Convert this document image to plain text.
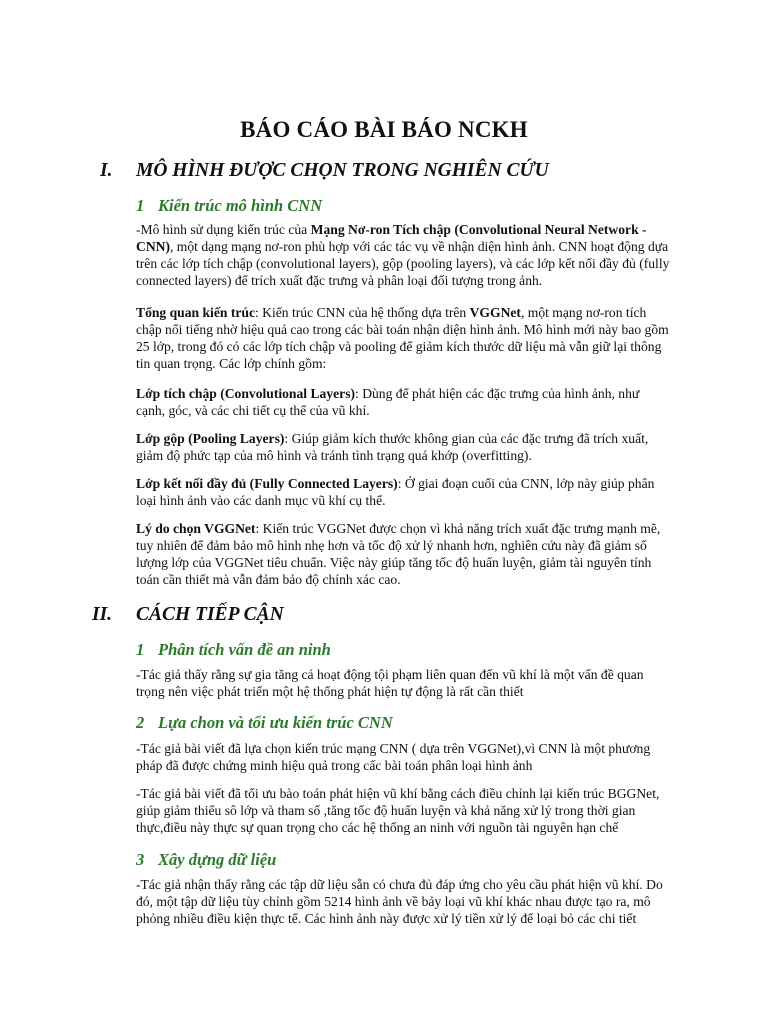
BÁO CÁO BÀI BÁO NCKH
I. MÔ HÌNH ĐƯỢC CHỌN TRONG NGHIÊN CỨU
1 Kiến trúc mô hình CNN

-Mô hình sử dụng kiến trúc của Mạng Nơ-ron Tích chập (Convolutional Neural Network - CNN), một dạng mạng nơ-ron phù hợp với các tác vụ về nhận diện hình ảnh. CNN hoạt động dựa trên các lớp tích chập (convolutional layers), gộp (pooling layers), và các lớp kết nối đầy đủ (fully connected layers) để trích xuất đặc trưng và phân loại đối tượng trong ảnh.

Tổng quan kiến trúc: Kiến trúc CNN của hệ thống dựa trên VGGNet, một mạng nơ-ron tích chập nổi tiếng nhờ hiệu quả cao trong các bài toán nhận diện hình ảnh. Mô hình mới này bao gồm 25 lớp, trong đó có các lớp tích chập và pooling để giảm kích thước dữ liệu mà vẫn giữ lại thông tin quan trọng. Các lớp chính gồm:

Lớp tích chập (Convolutional Layers): Dùng để phát hiện các đặc trưng của hình ảnh, như cạnh, góc, và các chi tiết cụ thể của vũ khí.

Lớp gộp (Pooling Layers): Giúp giảm kích thước không gian của các đặc trưng đã trích xuất, giảm độ phức tạp của mô hình và tránh tình trạng quá khớp (overfitting).

Lớp kết nối đầy đủ (Fully Connected Layers): Ở giai đoạn cuối của CNN, lớp này giúp phân loại hình ảnh vào các danh mục vũ khí cụ thể.

Lý do chọn VGGNet: Kiến trúc VGGNet được chọn vì khả năng trích xuất đặc trưng mạnh mẽ, tuy nhiên để đảm bảo mô hình nhẹ hơn và tốc độ xử lý nhanh hơn, nghiên cứu này đã giảm số lượng lớp của VGGNet tiêu chuẩn. Việc này giúp tăng tốc độ huấn luyện, giảm tài nguyên tính toán cần thiết mà vẫn đảm bảo độ chính xác cao.

II. CÁCH TIẾP CẬN
1 Phân tích vấn đề an ninh

-Tác giả thấy rằng sự gia tăng cá hoạt động tội phạm liên quan đến vũ khí là một vấn đề quan trọng nên việc phát triển một hệ thống phát hiện tự động là rất cần thiết

2 Lựa chon và tối ưu kiến trúc CNN

-Tác giả bài viết đã lựa chọn kiến trúc mạng CNN ( dựa trên VGGNet),vì CNN là một phương pháp đã được chứng minh hiệu quả trong cấc bài toán phân loại hình ảnh

-Tác giả bài viết đã tối ưu bào toán phát hiện vũ khí bằng cách điều chỉnh lại kiến trúc BGGNet, giúp giảm thiểu sô lớp và tham số ,tăng tốc độ huấn luyện và khả năng xử lý trong thời gian thực,điều này thực sự quan trọng cho các hệ thống an ninh với nguồn tài nguyên hạn chế

3 Xây dựng dữ liệu

-Tác giả nhận thấy rằng các tập dữ liệu sẵn có chưa đủ đáp ứng cho yêu cầu phát hiện vũ khí. Do đó, một tập dữ liệu tùy chỉnh gồm 5214 hình ảnh về bảy loại vũ khí khác nhau được tạo ra, mô phỏng nhiều điều kiện thực tế. Các hình ảnh này được xử lý tiền xử lý để loại bỏ các chi tiết
